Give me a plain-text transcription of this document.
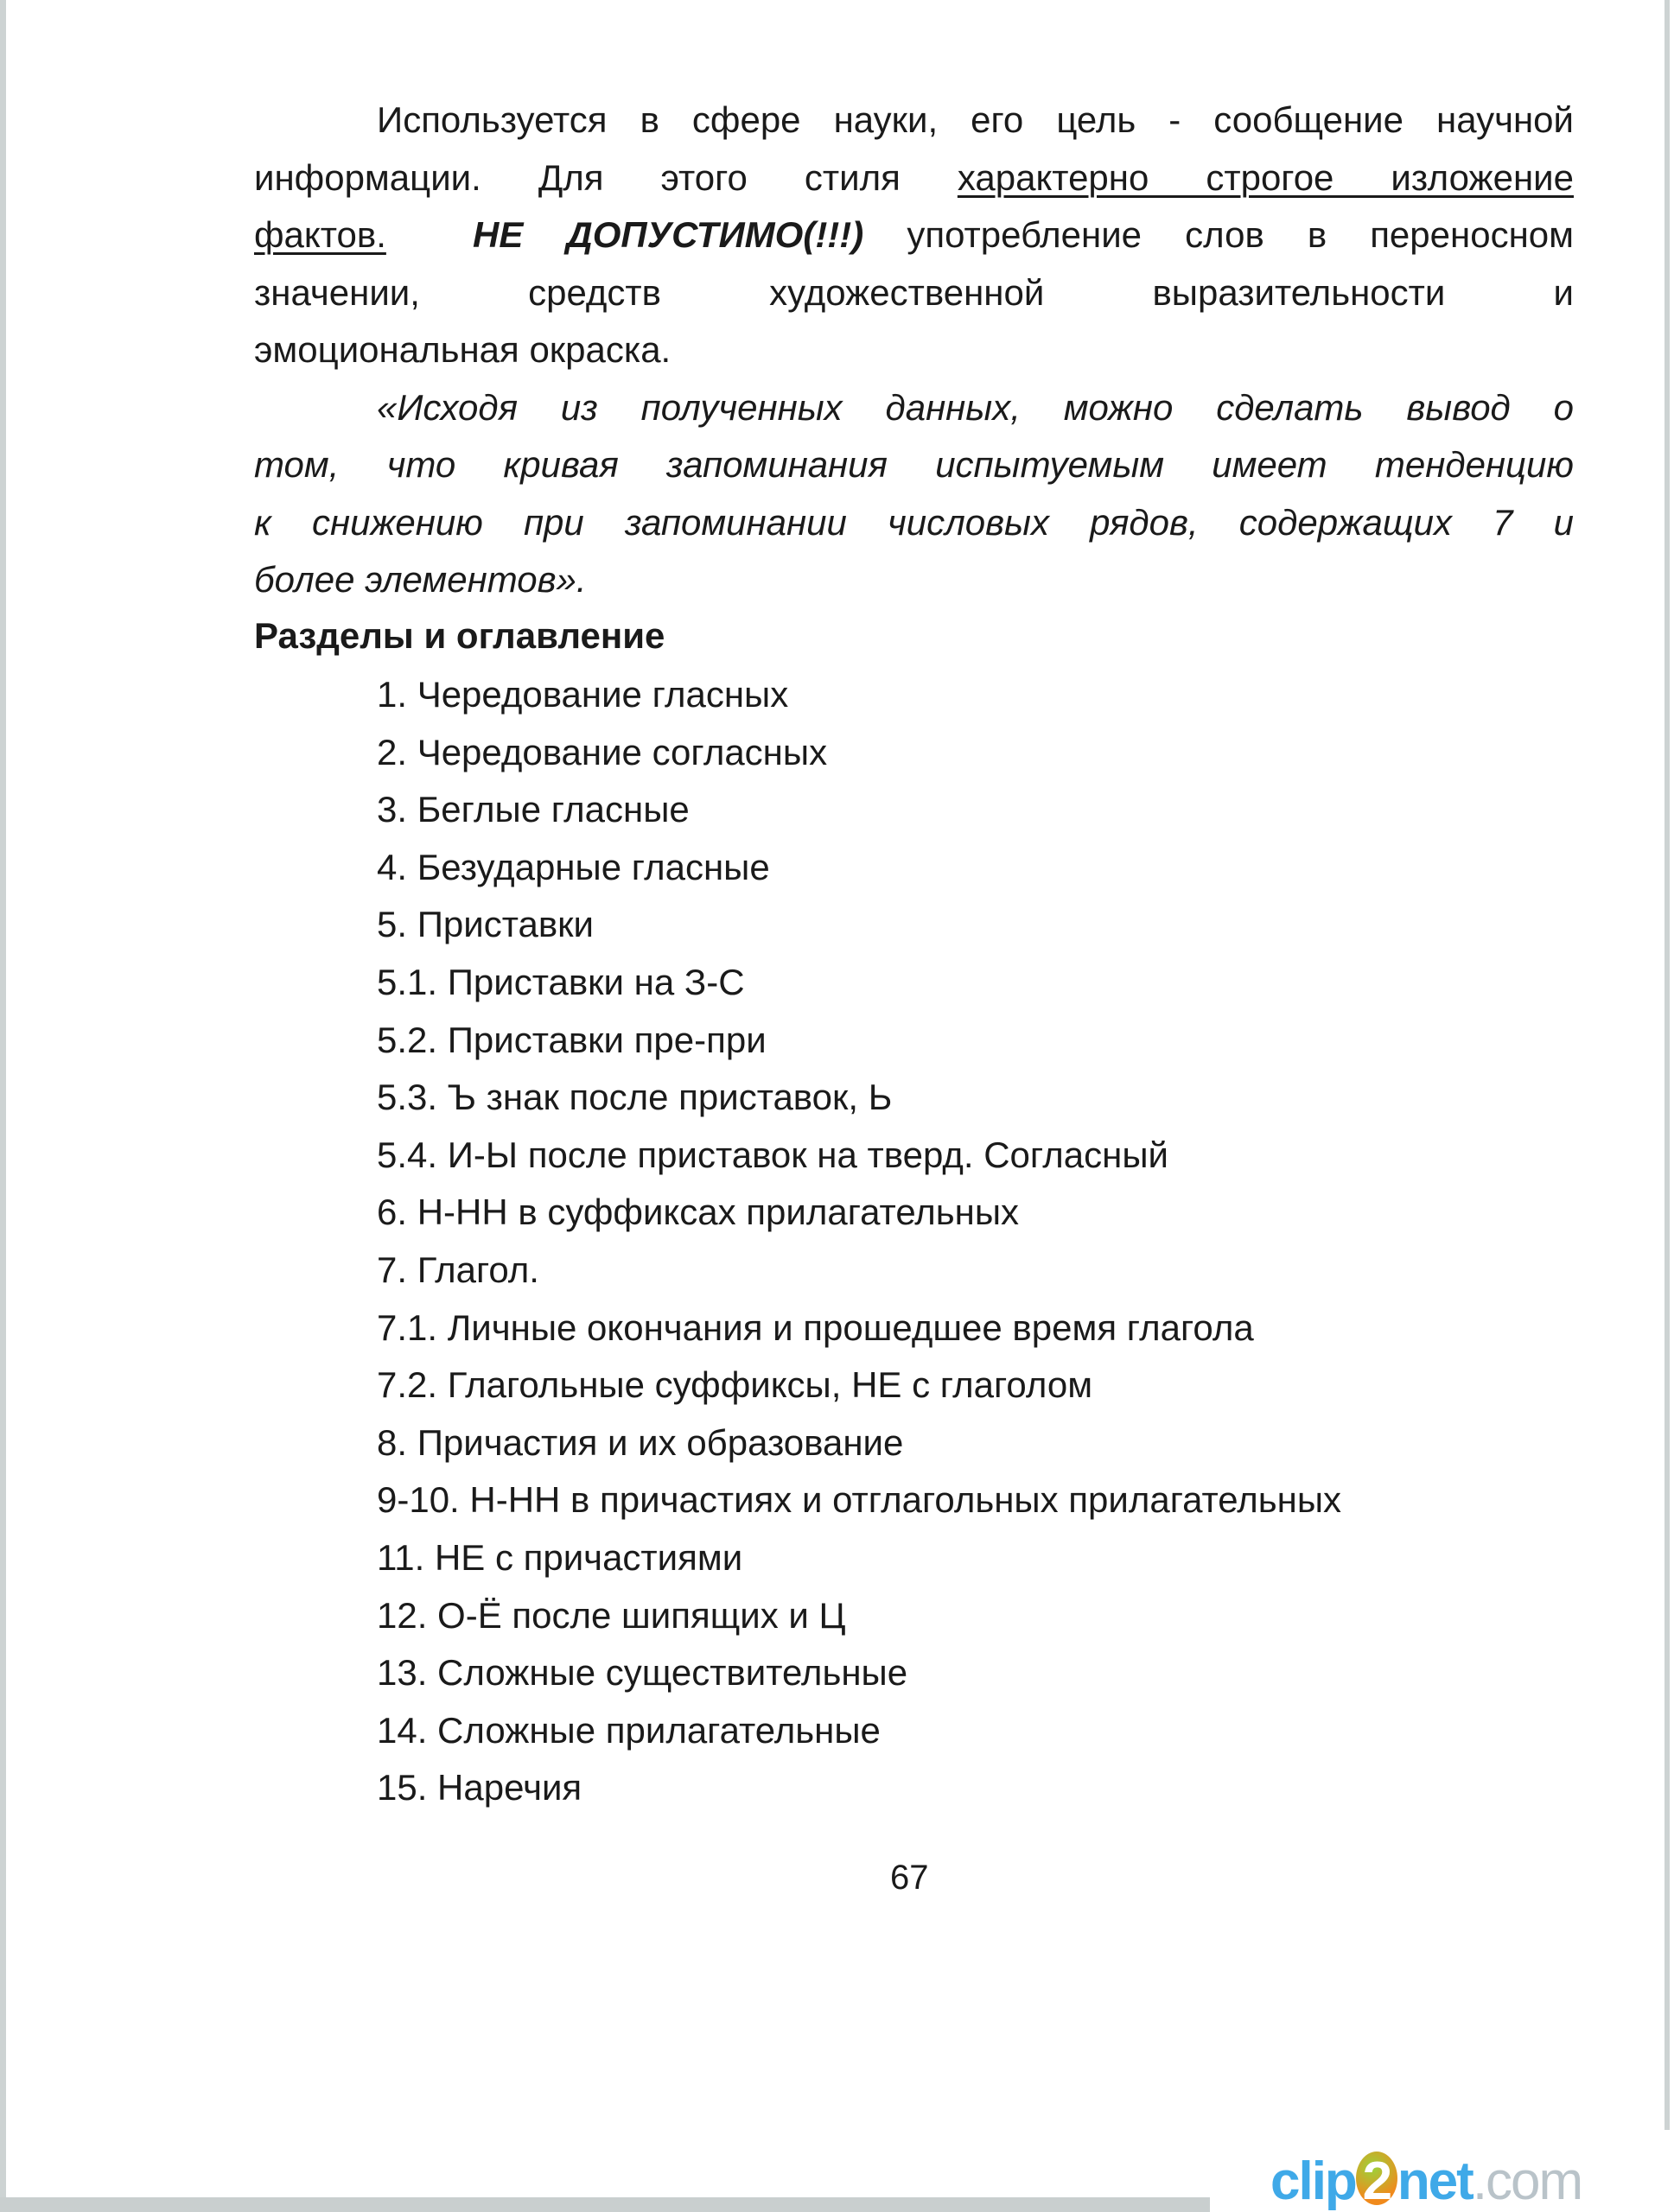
Используется в сфере науки, его цель - сообщение научной
информации. Для этого стиля характерно строгое изложение
фактов. НЕ ДОПУСТИМО(!!!) употребление слов в переносном
значении, средств художественной выразительности и
эмоциональная окраска.
«Исходя из полученных данных, можно сделать вывод о
том, что кривая запоминания испытуемым имеет тенденцию
к снижению при запоминании числовых рядов, содержащих 7 и
более элементов».
Разделы и оглавление
1. Чередование гласных
2. Чередование согласных
3. Беглые гласные
4. Безударные гласные
5. Приставки
5.1. Приставки на З-С
5.2. Приставки пре-при
5.3. Ъ знак после приставок, Ь
5.4. И-Ы после приставок на тверд. Согласный
6. Н-НН в суффиксах прилагательных
7. Глагол.
7.1. Личные окончания и прошедшее время глагола
7.2. Глагольные суффиксы, НЕ с глаголом
8. Причастия и их образование
9-10. Н-НН в причастиях и отглагольных прилагательных
11. НЕ с причастиями
12. О-Ё после шипящих и Ц
13. Сложные существительные
14. Сложные прилагательные
15. Наречия
67
clip 2 net.com
